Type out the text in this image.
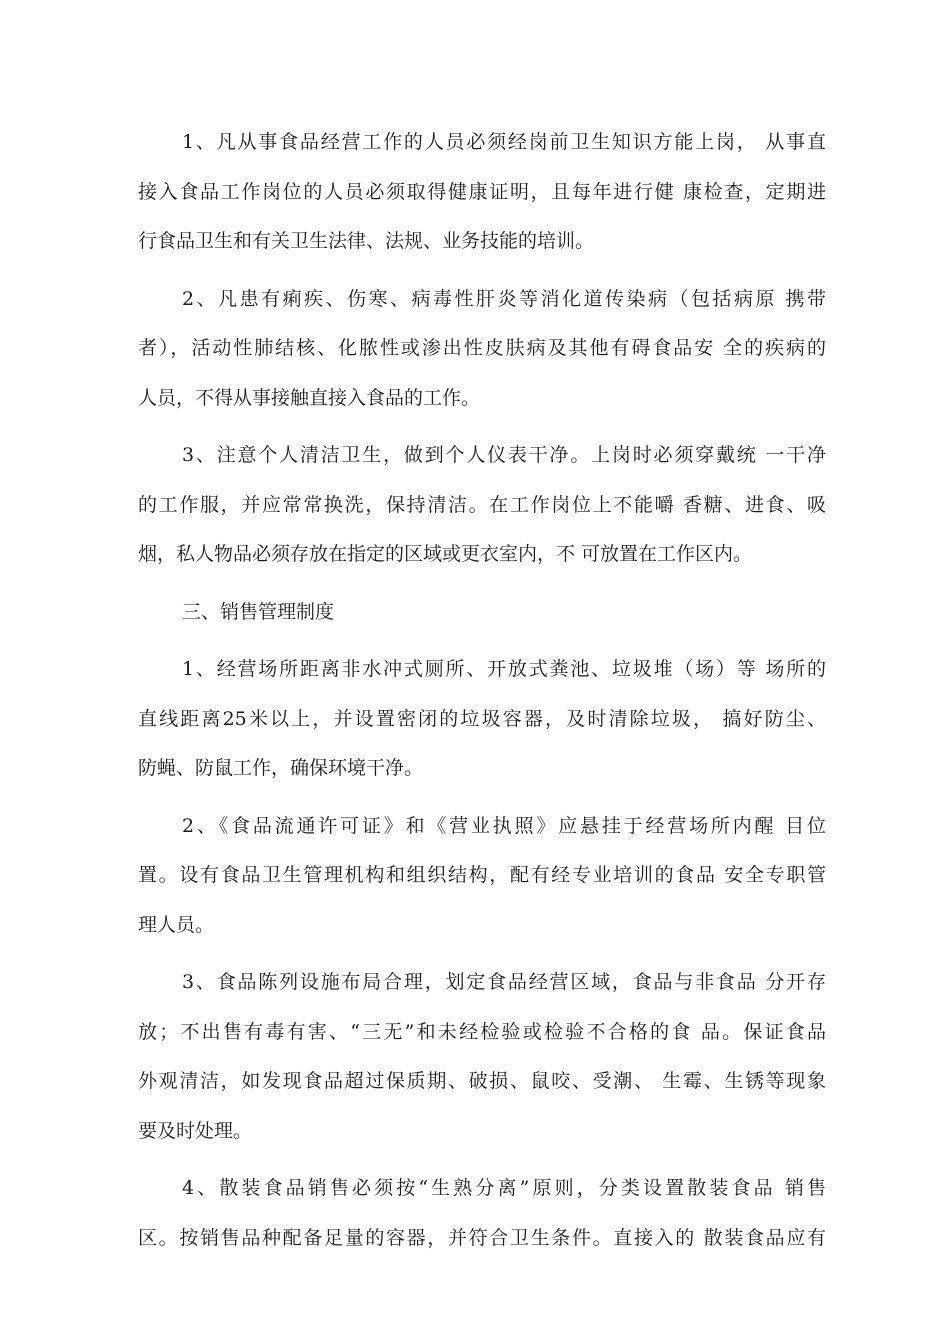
1、凡从事食品经营工作的人员必须经岗前卫生知识方能上岗， 从事直
接入食品工作岗位的人员必须取得健康证明，且每年进行健 康检查，定期进
行食品卫生和有关卫生法律、法规、业务技能的培训。
2、凡患有痢疾、伤寒、病毒性肝炎等消化道传染病（包括病原 携带
者），活动性肺结核、化脓性或渗出性皮肤病及其他有碍食品安 全的疾病的
人员，不得从事接触直接入食品的工作。
3、注意个人清洁卫生，做到个人仪表干净。上岗时必须穿戴统 一干净
的工作服，并应常常换洗，保持清洁。在工作岗位上不能嚼 香糖、进食、吸
烟，私人物品必须存放在指定的区域或更衣室内，不 可放置在工作区内。
三、销售管理制度
1、经营场所距离非水冲式厕所、开放式粪池、垃圾堆（场）等 场所的
直线距离25米以上，并设置密闭的垃圾容器，及时清除垃圾， 搞好防尘、
防蝇、防鼠工作，确保环境干净。
2、《食品流通许可证》和《营业执照》应悬挂于经营场所内醒 目位
置。设有食品卫生管理机构和组织结构，配有经专业培训的食品 安全专职管
理人员。
3、食品陈列设施布局合理，划定食品经营区域，食品与非食品 分开存
放；不出售有毒有害、“三无”和未经检验或检验不合格的食 品。保证食品
外观清洁，如发现食品超过保质期、破损、鼠咬、受潮、 生霉、生锈等现象
要及时处理。
4、散装食品销售必须按“生熟分离”原则，分类设置散装食品 销售
区。按销售品种配备足量的容器，并符合卫生条件。直接入的 散装食品应有
